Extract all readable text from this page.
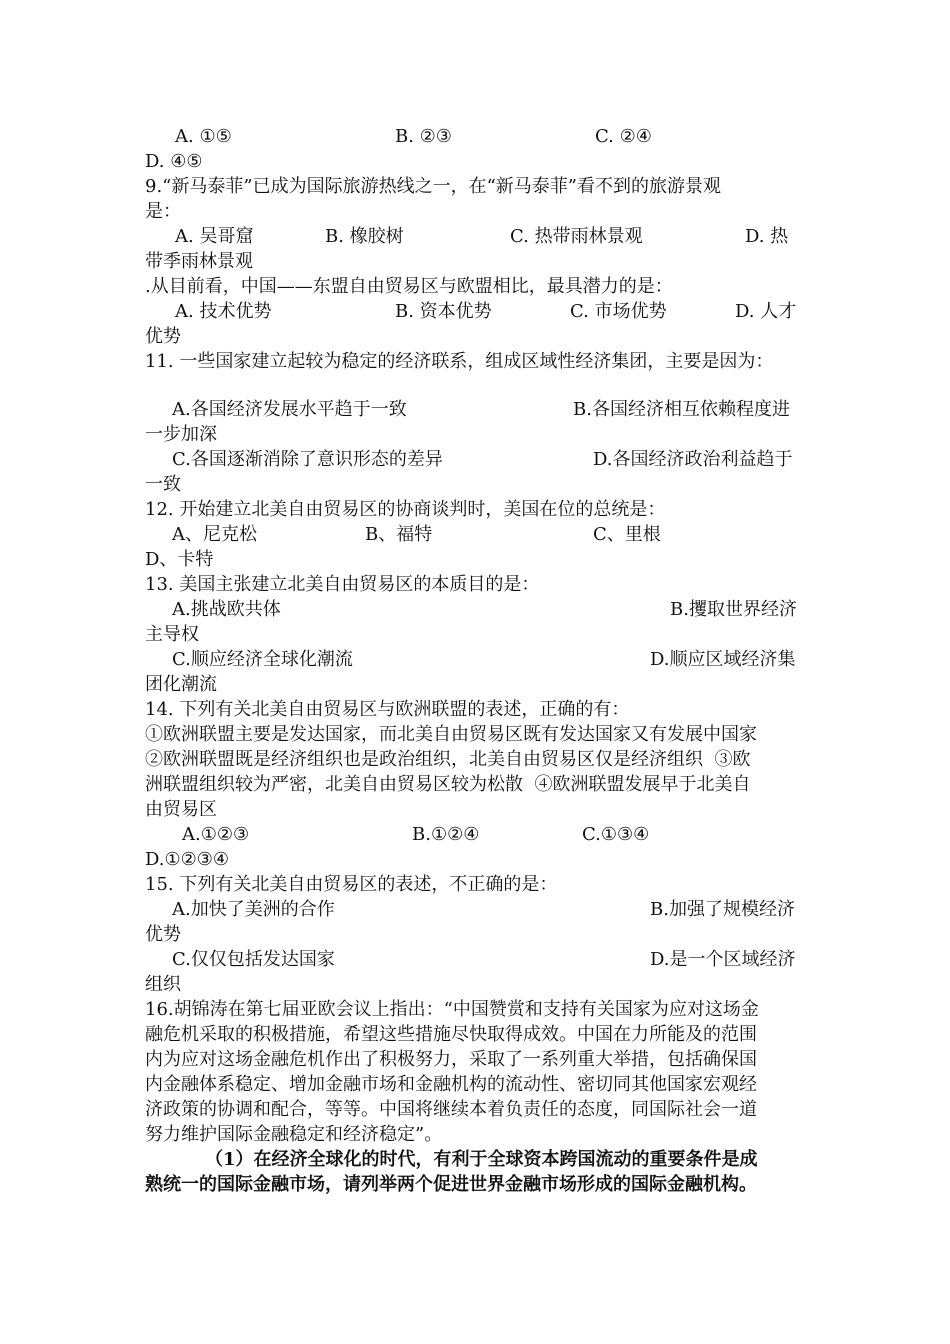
A. ①⑤

	B. ②③

	C. ②④

D. ④⑤
9.“新马泰菲”已成为国际旅游热线之一，在“新马泰菲”看不到的旅游景观
是：

A. 吴哥窟

	B. 橡胶树

	C. 热带雨林景观

	D. 热

带季雨林景观
.从目前看，中国——东盟自由贸易区与欧盟相比，最具潜力的是：

A. 技术优势

	B. 资本优势

	C. 市场优势

	D. 人才

优势
11. 一些国家建立起较为稳定的经济联系，组成区域性经济集团，主要是因为：

A.各国经济发展水平趋于一致

	B.各国经济相互依赖程度进

一步加深

C.各国逐渐消除了意识形态的差异

	D.各国经济政治利益趋于

一致
12. 开始建立北美自由贸易区的协商谈判时，美国在位的总统是：

A、尼克松

	B、福特

	C、里根

D、卡特
13. 美国主张建立北美自由贸易区的本质目的是：

A.挑战欧共体

	B.攫取世界经济

主导权

C.顺应经济全球化潮流

	D.顺应区域经济集

团化潮流
14. 下列有关北美自由贸易区与欧洲联盟的表述，正确的有：
①欧洲联盟主要是发达国家，而北美自由贸易区既有发达国家又有发展中国家
②欧洲联盟既是经济组织也是政治组织，北美自由贸易区仅是经济组织  ③欧
洲联盟组织较为严密，北美自由贸易区较为松散  ④欧洲联盟发展早于北美自
由贸易区

A.①②③

	B.①②④

	C.①③④

D.①②③④
15. 下列有关北美自由贸易区的表述，不正确的是：

A.加快了美洲的合作

	B.加强了规模经济

优势

C.仅仅包括发达国家

	D.是一个区域经济

组织
16.胡锦涛在第七届亚欧会议上指出：“中国赞赏和支持有关国家为应对这场金
融危机采取的积极措施，希望这些措施尽快取得成效。中国在力所能及的范围
内为应对这场金融危机作出了积极努力，采取了一系列重大举措，包括确保国
内金融体系稳定、增加金融市场和金融机构的流动性、密切同其他国家宏观经
济政策的协调和配合，等等。中国将继续本着负责任的态度，同国际社会一道
努力维护国际金融稳定和经济稳定”。
（1）在经济全球化的时代，有利于全球资本跨国流动的重要条件是成
熟统一的国际金融市场，请列举两个促进世界金融市场形成的国际金融机构。
